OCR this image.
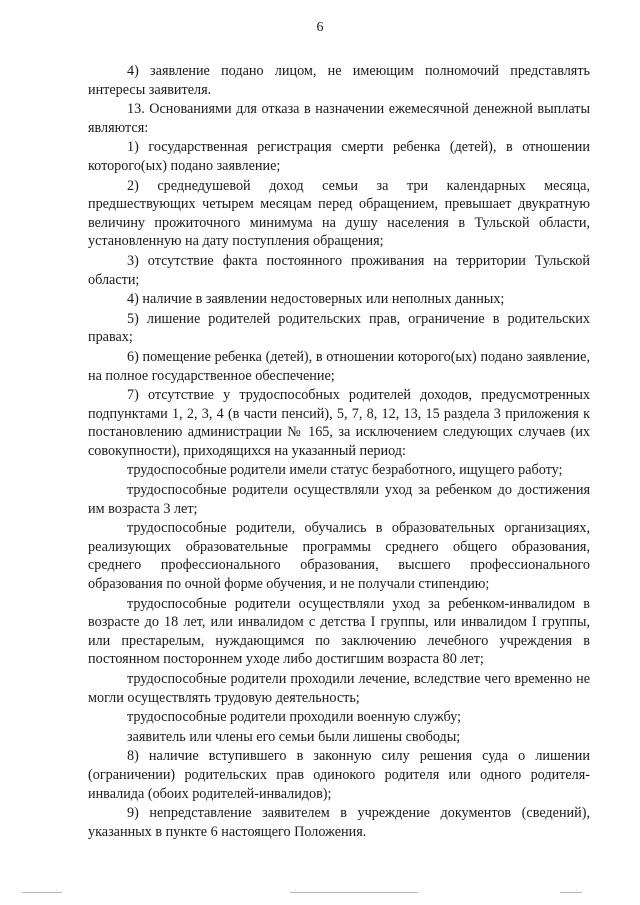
6

4) заявление подано лицом, не имеющим полномочий представлять интересы заявителя.

13. Основаниями для отказа в назначении ежемесячной денежной выплаты являются:

1) государственная регистрация смерти ребенка (детей), в отношении которого(ых) подано заявление;

2) среднедушевой доход семьи за три календарных месяца, предшествующих четырем месяцам перед обращением, превышает двукратную величину прожиточного минимума на душу населения в Тульской области, установленную на дату поступления обращения;

3) отсутствие факта постоянного проживания на территории Тульской области;

4) наличие в заявлении недостоверных или неполных данных;

5) лишение родителей родительских прав, ограничение в родительских правах;

6) помещение ребенка (детей), в отношении которого(ых) подано заявление, на полное государственное обеспечение;

7) отсутствие у трудоспособных родителей доходов, предусмотренных подпунктами 1, 2, 3, 4 (в части пенсий), 5, 7, 8, 12, 13, 15 раздела 3 приложения к постановлению администрации № 165, за исключением следующих случаев (их совокупности), приходящихся на указанный период:

трудоспособные родители имели статус безработного, ищущего работу;

трудоспособные родители осуществляли уход за ребенком до достижения им возраста 3 лет;

трудоспособные родители, обучались в образовательных организациях, реализующих образовательные программы среднего общего образования, среднего профессионального образования, высшего профессионального образования по очной форме обучения, и не получали стипендию;

трудоспособные родители осуществляли уход за ребенком-инвалидом в возрасте до 18 лет, или инвалидом с детства I группы, или инвалидом I группы, или престарелым, нуждающимся по заключению лечебного учреждения в постоянном постороннем уходе либо достигшим возраста 80 лет;

трудоспособные родители проходили лечение, вследствие чего временно не могли осуществлять трудовую деятельность;

трудоспособные родители проходили военную службу;

заявитель или члены его семьи были лишены свободы;

8) наличие вступившего в законную силу решения суда о лишении (ограничении) родительских прав одинокого родителя или одного родителя-инвалида (обоих родителей-инвалидов);

9) непредставление заявителем в учреждение документов (сведений), указанных в пункте 6 настоящего Положения.
